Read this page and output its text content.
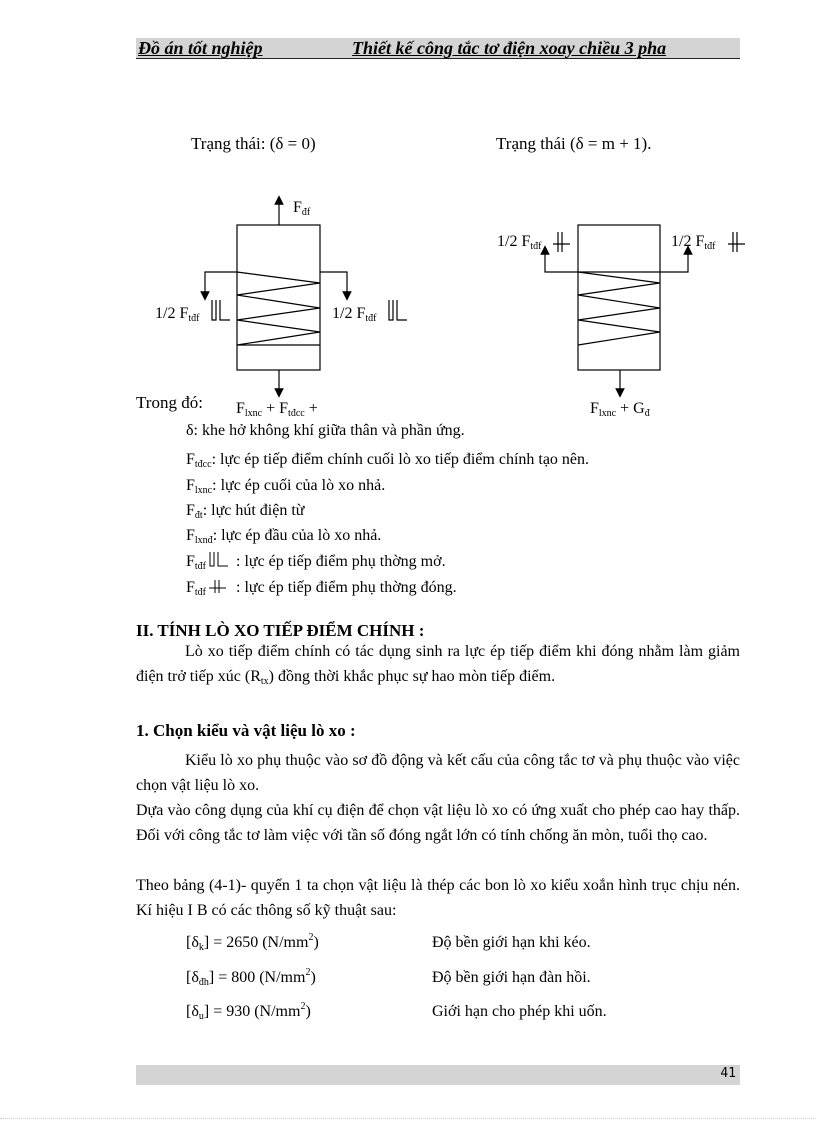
Đồ án tốt nghiệp	Thiết kế công tắc tơ điện xoay chiều 3 pha
Trạng thái: (δ = 0)	Trạng thái (δ = m + 1).
Fđf
1/2 Ftđf	1/2 Ftđf
Flxnc + Ftđcc +
1/2 Ftđf	1/2 Ftđf
Flxnc + Gđ
Trong đó:
δ: khe hở không khí giữa thân và phần ứng.
Ftđcc: lực ép tiếp điểm chính cuối lò xo tiếp điểm chính tạo nên.
Flxnc: lực ép cuối của lò xo nhả.
Fđt: lực hút điện từ
Flxnđ: lực ép đầu của lò xo nhả.
Ftđf : lực ép tiếp điểm phụ thờng mở.
Ftđf : lực ép tiếp điểm phụ thờng đóng.
II. TÍNH LÒ XO TIẾP ĐIỂM CHÍNH :
Lò xo tiếp điểm chính có tác dụng sinh ra lực ép tiếp điểm khi đóng nhằm làm giảm điện trở tiếp xúc (Rtx) đồng thời khắc phục sự hao mòn tiếp điểm.
1. Chọn kiểu và vật liệu lò xo :
Kiểu lò xo phụ thuộc vào sơ đồ động và kết cấu của công tắc tơ và phụ thuộc vào việc chọn vật liệu lò xo.
Dựa vào công dụng của khí cụ điện để chọn vật liệu lò xo có ứng xuất cho phép cao hay thấp. Đối với công tắc tơ làm việc với tần số đóng ngắt lớn có tính chống ăn mòn, tuổi thọ cao.
Theo bảng (4-1)- quyển 1 ta chọn vật liệu là thép các bon lò xo kiểu xoắn hình trục chịu nén. Kí hiệu I B có các thông số kỹ thuật sau:
[δk] = 2650 $(N/mm^2)$	Độ bền giới hạn khi kéo.
[δđh] = 800 $(N/mm^2)$	Độ bền giới hạn đàn hồi.
[δu] = 930 $(N/mm^2)$	Giới hạn cho phép khi uốn.
41
